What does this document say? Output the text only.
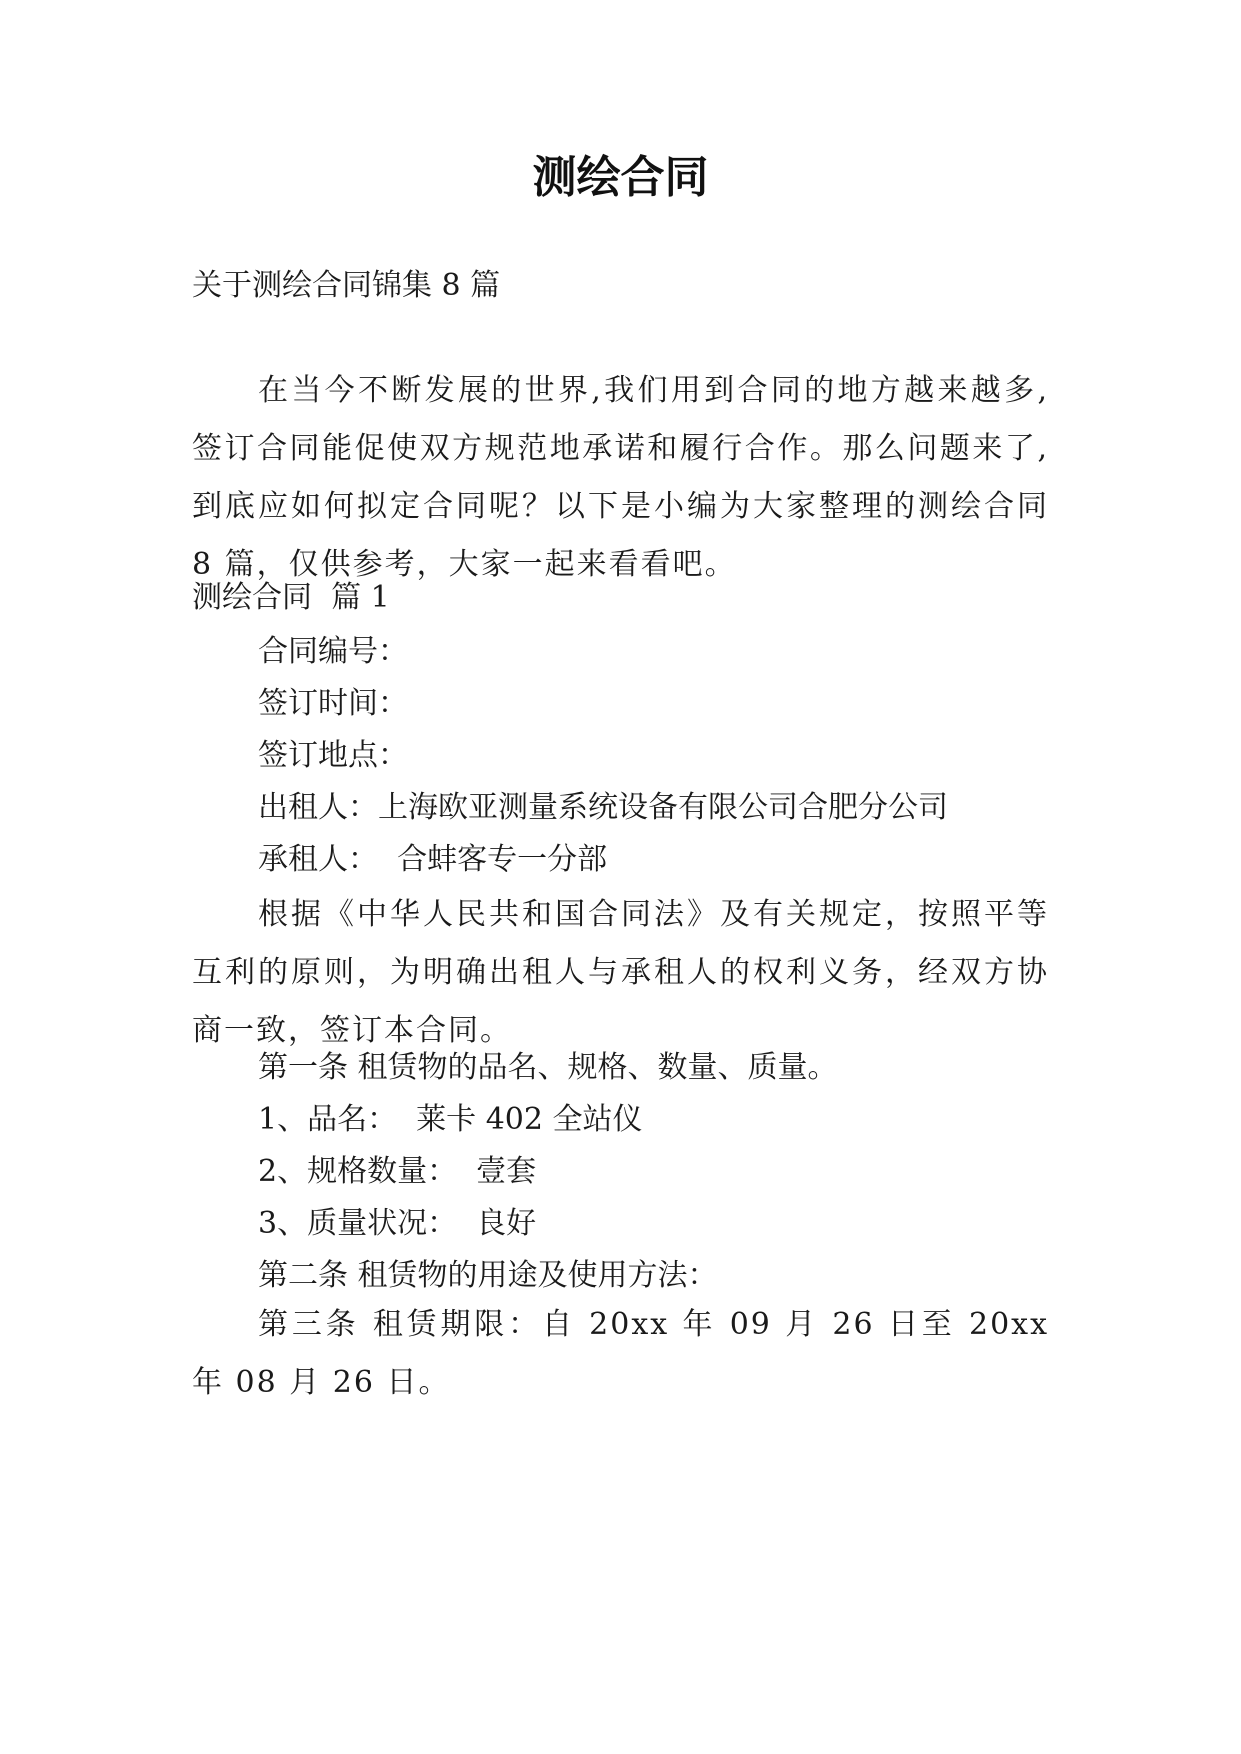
测绘合同
关于测绘合同锦集 8 篇
在当今不断发展的世界,我们用到合同的地方越来越多,签订合同能促使双方规范地承诺和履行合作。那么问题来了,到底应如何拟定合同呢？以下是小编为大家整理的测绘合同 8 篇，仅供参考，大家一起来看看吧。
测绘合同  篇 1
合同编号：
签订时间：
签订地点：
出租人：上海欧亚测量系统设备有限公司合肥分公司
承租人：  合蚌客专一分部
根据《中华人民共和国合同法》及有关规定，按照平等互利的原则，为明确出租人与承租人的权利义务，经双方协商一致，签订本合同。
第一条 租赁物的品名、规格、数量、质量。
1、品名：  莱卡 402 全站仪
2、规格数量：  壹套
3、质量状况：  良好
第二条 租赁物的用途及使用方法：
第三条 租赁期限：自 20xx 年 09 月 26 日至 20xx 年 08 月 26 日。
